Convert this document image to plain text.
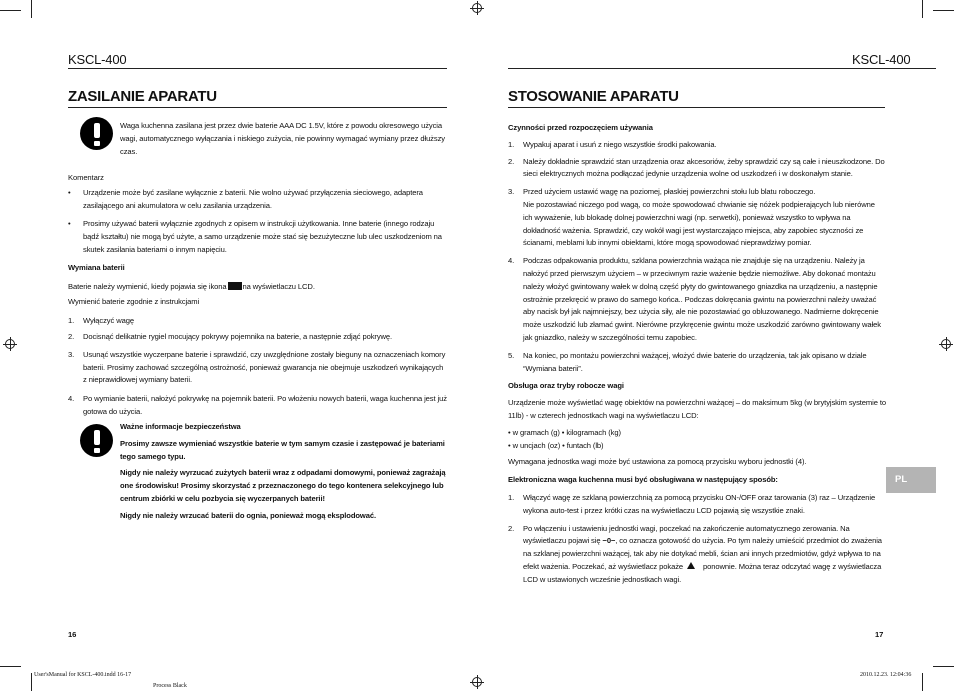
KSCL-400	KSCL-400
ZASILANIE APARATU

Waga kuchenna zasilana jest przez dwie baterie AAA DC 1.5V, które z powodu okresowego użycia wagi, automatycznego wyłączania i niskiego zużycia, nie powinny wymagać wymiany przez dłuższy czas.

Komentarz

• Urządzenie może być zasilane wyłącznie z baterii. Nie wolno używać przyłączenia sieciowego, adaptera zasilającego ani akumulatora w celu zasilania urządzenia.

• Prosimy używać baterii wyłącznie zgodnych z opisem w instrukcji użytkowania. Inne baterie (innego rodzaju bądź kształtu) nie mogą być użyte, a samo urządzenie może stać się bezużyteczne lub ulec uszkodzeniom na skutek zasilania bateriami o innym napięciu.

Wymiana baterii

Baterie należy wymienić, kiedy pojawia się ikona na wyświetlaczu LCD.

Wymienić baterie zgodnie z instrukcjami

1. Wyłączyć wagę

2. Docisnąć delikatnie rygiel mocujący pokrywy pojemnika na baterie, a następnie zdjąć pokrywę.

3. Usunąć wszystkie wyczerpane baterie i sprawdzić, czy uwzględnione zostały bieguny na oznaczeniach komory baterii. Prosimy zachować szczególną ostrożność, ponieważ gwarancja nie obejmuje uszkodzeń wynikających z nieprawidłowej wymiany baterii.

4. Po wymianie baterii, nałożyć pokrywkę na pojemnik baterii. Po włożeniu nowych baterii, waga kuchenna jest już gotowa do użycia.

Ważne informacje bezpieczeństwa

Prosimy zawsze wymieniać wszystkie baterie w tym samym czasie i zastępować je bateriami tego samego typu.

Nigdy nie należy wyrzucać zużytych baterii wraz z odpadami domowymi, ponieważ zagrażają one środowisku! Prosimy skorzystać z przeznaczonego do tego kontenera selekcyjnego lub centrum zbiórki w celu pozbycia się wyczerpanych baterii!

Nigdy nie należy wrzucać baterii do ognia, ponieważ mogą eksplodować.

16
STOSOWANIE APARATU

Czynności przed rozpoczęciem używania

1. Wypakuj aparat i usuń z niego wszystkie środki pakowania.

2. Należy dokładnie sprawdzić stan urządzenia oraz akcesoriów, żeby sprawdzić czy są całe i nieuszkodzone. Do sieci elektrycznych można podłączać jedynie urządzenia wolne od uszkodzeń i w doskonałym stanie.

3. Przed użyciem ustawić wagę na poziomej, płaskiej powierzchni stołu lub blatu roboczego.
Nie pozostawiać niczego pod wagą, co może spowodować chwianie się nóżek podpierających lub nierówne ich wyważenie, lub blokadę dolnej powierzchni wagi (np. serwetki), ponieważ wszystko to wpływa na dokładność ważenia. Sprawdzić, czy wokół wagi jest wystarczająco miejsca, aby zapobiec styczności ze ścianami, meblami lub innymi obiektami, które mogą spowodować nieprawdziwy pomiar.

4. Podczas odpakowania produktu, szklana powierzchnia ważąca nie znajduje się na urządzeniu. Należy ja nałożyć przed pierwszym użyciem – w przeciwnym razie ważenie będzie niemożliwe. Aby dokonać montażu należy włożyć gwintowany wałek w dolną część płyty do gwintowanego gniazdka na urządzeniu, a następnie ostrożnie przekręcić w prawo do samego końca.. Podczas dokręcania gwintu na powierzchni należy uważać aby nacisk był jak najmniejszy, bez użycia siły, ale nie pozostawiać go obluzowanego. Nadmierne dokręcenie może uszkodzić lub złamać gwint. Nierówne przykręcenie gwintu może uszkodzić zarówno gwintowany wałek jak gniazdko, należy w szczególności temu zapobiec.

5. Na koniec, po montażu powierzchni ważącej, włożyć dwie baterie do urządzenia, tak jak opisano w dziale “Wymiana baterii”.

Obsługa oraz tryby robocze wagi

Urządzenie może wyświetlać wagę obiektów na powierzchni ważącej – do maksimum 5kg (w brytyjskim systemie to 11lb) - w czterech jednostkach wagi na wyświetlaczu LCD:

• w gramach (g) • kilogramach (kg)

• w uncjach (oz) • funtach (lb)

Wymagana jednostka wagi może być ustawiona za pomocą przycisku wyboru jednostki (4).

Elektroniczna waga kuchenna musi być obsługiwana w następujący sposób:

1. Włączyć wagę ze szklaną powierzchnią za pomocą przycisku ON-/OFF oraz tarowania (3) raz – Urządzenie wykona auto-test i przez krótki czas na wyświetlaczu LCD pojawią się wszystkie znaki.

2. Po włączeniu i ustawieniu jednostki wagi, poczekać na zakończenie automatycznego zerowania. Na wyświetlaczu pojawi się −0−, co oznacza gotowość do użycia. Po tym należy umieścić przedmiot do zważenia na szklanej powierzchni ważącej, tak aby nie dotykać mebli, ścian ani innych przedmiotów, gdyż wpływa to na efekt ważenia. Poczekać, aż wyświetlacz pokaże	ponownie. Można teraz odczytać wagę z wyświetlacza LCD w ustawionych wcześnie jednostkach wagi.

PL
17
User'sManual for KSCL-400.indd 16-17	2010.12.23. 12:04:36
Process Black
